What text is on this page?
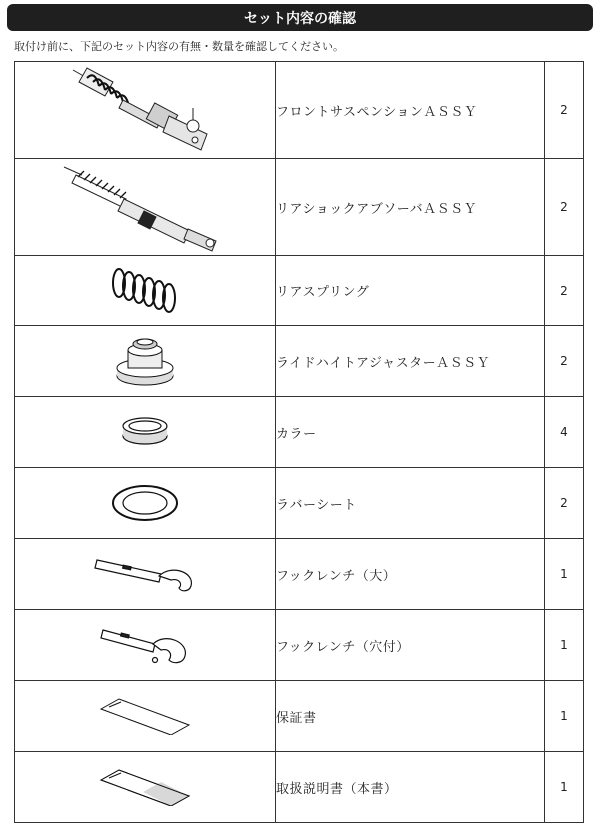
セット内容の確認
取付け前に、下記のセット内容の有無・数量を確認してください。
	フロントサスペンションＡＳＳＹ	2

	リアショックアブソーバＡＳＳＹ	2

	リアスプリング	2

	ライドハイトアジャスターＡＳＳＹ	2

	カラー	4

	ラバーシート	2

	フックレンチ（大）	1

	フックレンチ（穴付）	1

	保証書	1

	取扱説明書（本書）	1
